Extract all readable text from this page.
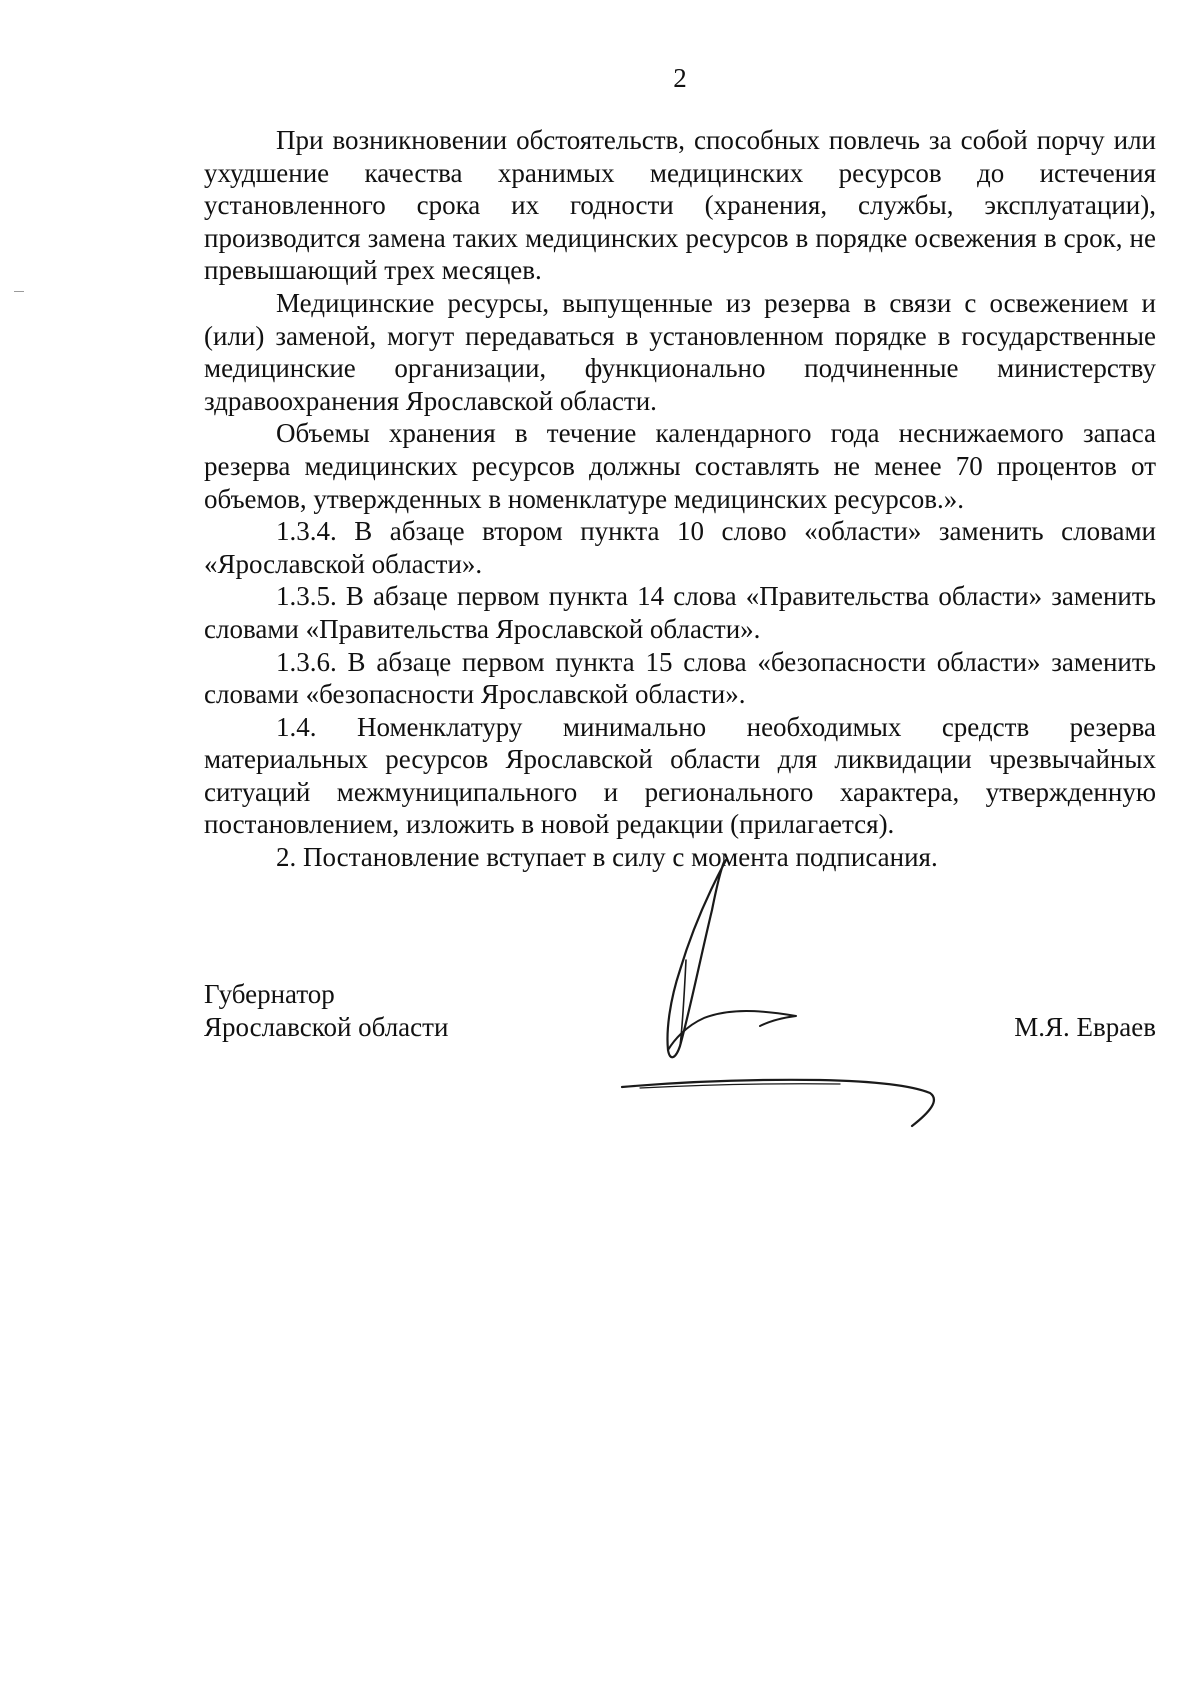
2

При возникновении обстоятельств, способных повлечь за собой порчу или ухудшение качества хранимых медицинских ресурсов до истечения установленного срока их годности (хранения, службы, эксплуатации), производится замена таких медицинских ресурсов в порядке освежения в срок, не превышающий трех месяцев.

Медицинские ресурсы, выпущенные из резерва в связи с освежением и (или) заменой, могут передаваться в установленном порядке в государственные медицинские организации, функционально подчиненные министерству здравоохранения Ярославской области.

Объемы хранения в течение календарного года неснижаемого запаса резерва медицинских ресурсов должны составлять не менее 70 процентов от объемов, утвержденных в номенклатуре медицинских ресурсов.».

1.3.4. В абзаце втором пункта 10 слово «области» заменить словами «Ярославской области».

1.3.5. В абзаце первом пункта 14 слова «Правительства области» заменить словами «Правительства Ярославской области».

1.3.6. В абзаце первом пункта 15 слова «безопасности области» заменить словами «безопасности Ярославской области».

1.4. Номенклатуру минимально необходимых средств резерва материальных ресурсов Ярославской области для ликвидации чрезвычайных ситуаций межмуниципального и регионального характера, утвержденную постановлением, изложить в новой редакции (прилагается).

2. Постановление вступает в силу с момента подписания.

Губернатор
Ярославской области	М.Я. Евраев
